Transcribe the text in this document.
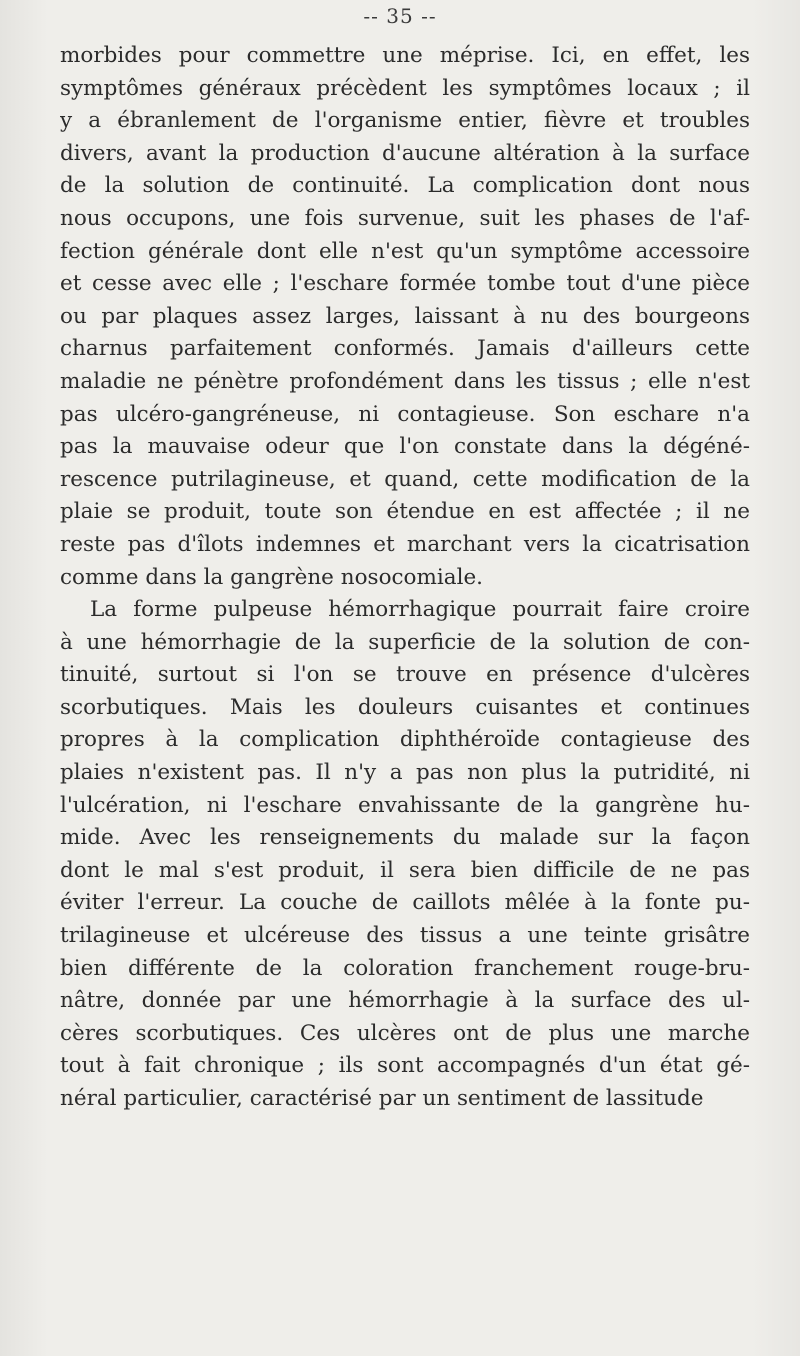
-- 35 --
morbides pour commettre une méprise. Ici, en effet, les
symptômes généraux précèdent les symptômes locaux ; il
y a ébranlement de l'organisme entier, fièvre et troubles
divers, avant la production d'aucune altération à la surface
de la solution de continuité. La complication dont nous
nous occupons, une fois survenue, suit les phases de l'af-
fection générale dont elle n'est qu'un symptôme accessoire
et cesse avec elle ; l'eschare formée tombe tout d'une pièce
ou par plaques assez larges, laissant à nu des bourgeons
charnus parfaitement conformés. Jamais d'ailleurs cette
maladie ne pénètre profondément dans les tissus ; elle n'est
pas ulcéro-gangréneuse, ni contagieuse. Son eschare n'a
pas la mauvaise odeur que l'on constate dans la dégéné-
rescence putrilagineuse, et quand, cette modification de la
plaie se produit, toute son étendue en est affectée ; il ne
reste pas d'îlots indemnes et marchant vers la cicatrisation
comme dans la gangrène nosocomiale.
La forme pulpeuse hémorrhagique pourrait faire croire
à une hémorrhagie de la superficie de la solution de con-
tinuité, surtout si l'on se trouve en présence d'ulcères
scorbutiques. Mais les douleurs cuisantes et continues
propres à la complication diphthéroïde contagieuse des
plaies n'existent pas. Il n'y a pas non plus la putridité, ni
l'ulcération, ni l'eschare envahissante de la gangrène hu-
mide. Avec les renseignements du malade sur la façon
dont le mal s'est produit, il sera bien difficile de ne pas
éviter l'erreur. La couche de caillots mêlée à la fonte pu-
trilagineuse et ulcéreuse des tissus a une teinte grisâtre
bien différente de la coloration franchement rouge-bru-
nâtre, donnée par une hémorrhagie à la surface des ul-
cères scorbutiques. Ces ulcères ont de plus une marche
tout à fait chronique ; ils sont accompagnés d'un état gé-
néral particulier, caractérisé par un sentiment de lassitude
